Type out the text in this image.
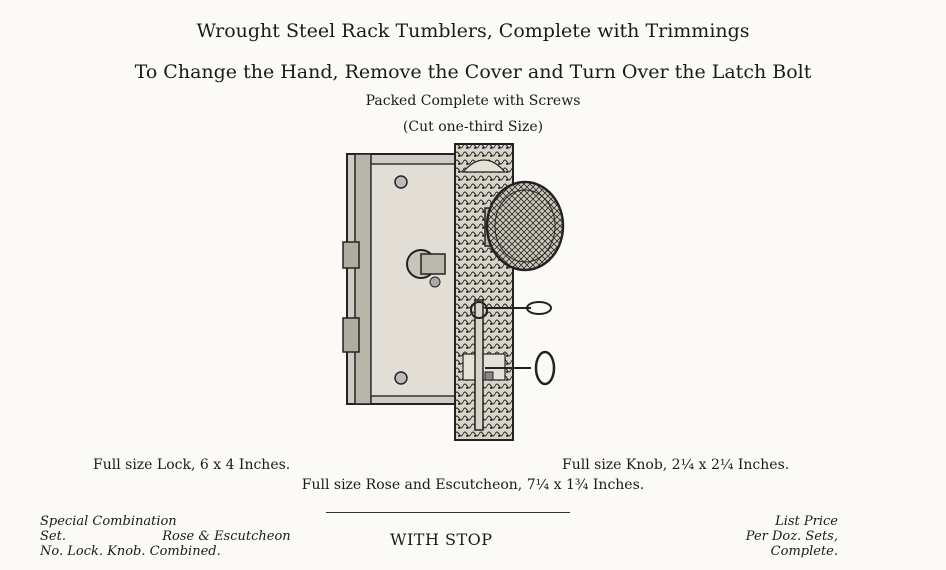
Wrought Steel Rack Tumblers, Complete with Trimmings
To Change the Hand, Remove the Cover and Turn Over the Latch Bolt
Packed Complete with Screws
(Cut one-third Size)
Full size Lock, 6 x 4 Inches.	Full size Knob, 2¼ x 2¼ Inches.
Full size Rose and Escutcheon, 7¼ x 1¾ Inches.
Special Combination
Set.	Rose & Escutcheon
No. Lock. Knob. Combined.
WITH STOP
List Price
Per Doz. Sets,
Complete.
